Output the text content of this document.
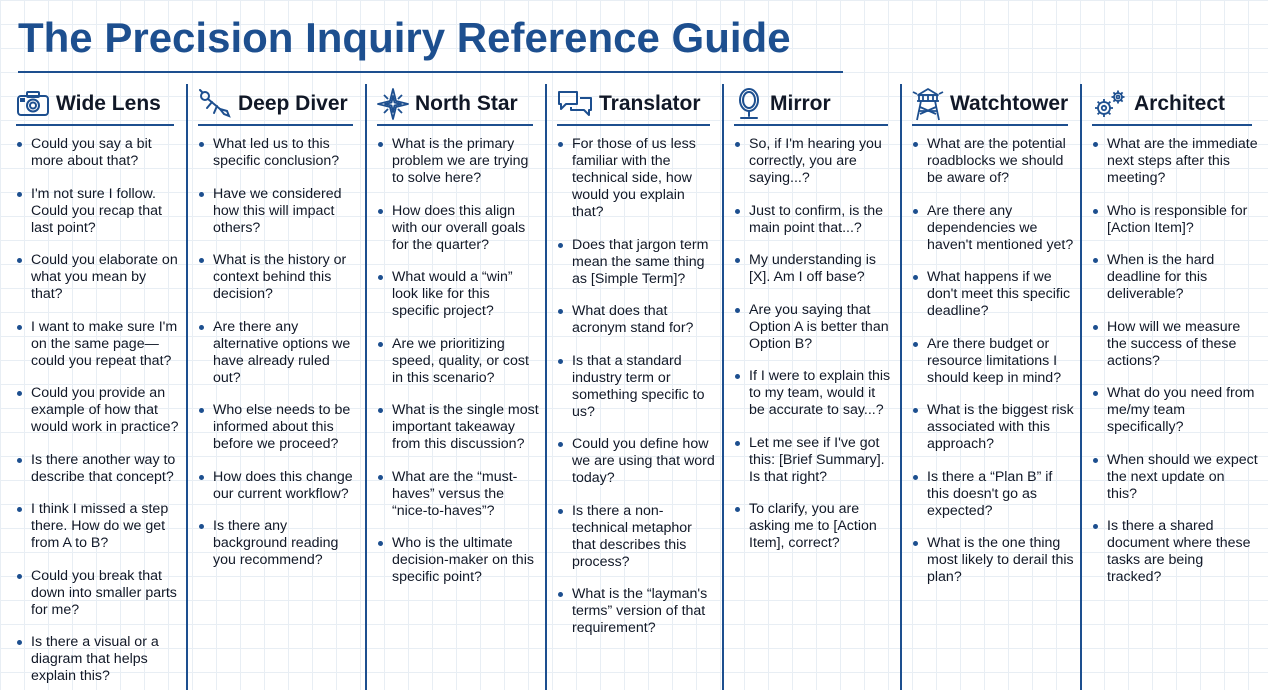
The Precision Inquiry Reference Guide
Wide Lens
Could you say a bit more about that?
I'm not sure I follow. Could you recap that last point?
Could you elaborate on what you mean by that?
I want to make sure I'm on the same page—could you repeat that?
Could you provide an example of how that would work in practice?
Is there another way to describe that concept?
I think I missed a step there. How do we get from A to B?
Could you break that down into smaller parts for me?
Is there a visual or a diagram that helps explain this?
Deep Diver
What led us to this specific conclusion?
Have we considered how this will impact others?
What is the history or context behind this decision?
Are there any alternative options we have already ruled out?
Who else needs to be informed about this before we proceed?
How does this change our current workflow?
Is there any background reading you recommend?
North Star
What is the primary problem we are trying to solve here?
How does this align with our overall goals for the quarter?
What would a “win” look like for this specific project?
Are we prioritizing speed, quality, or cost in this scenario?
What is the single most important takeaway from this discussion?
What are the “must-haves” versus the “nice-to-haves”?
Who is the ultimate decision-maker on this specific point?
Translator
For those of us less familiar with the technical side, how would you explain that?
Does that jargon term mean the same thing as [Simple Term]?
What does that acronym stand for?
Is that a standard industry term or something specific to us?
Could you define how we are using that word today?
Is there a non-technical metaphor that describes this process?
What is the “layman's terms” version of that requirement?
Mirror
So, if I'm hearing you correctly, you are saying...?
Just to confirm, is the main point that...?
My understanding is [X]. Am I off base?
Are you saying that Option A is better than Option B?
If I were to explain this to my team, would it be accurate to say...?
Let me see if I've got this: [Brief Summary]. Is that right?
To clarify, you are asking me to [Action Item], correct?
Watchtower
What are the potential roadblocks we should be aware of?
Are there any dependencies we haven't mentioned yet?
What happens if we don't meet this specific deadline?
Are there budget or resource limitations I should keep in mind?
What is the biggest risk associated with this approach?
Is there a “Plan B” if this doesn't go as expected?
What is the one thing most likely to derail this plan?
Architect
What are the immediate next steps after this meeting?
Who is responsible for [Action Item]?
When is the hard deadline for this deliverable?
How will we measure the success of these actions?
What do you need from me/my team specifically?
When should we expect the next update on this?
Is there a shared document where these tasks are being tracked?
